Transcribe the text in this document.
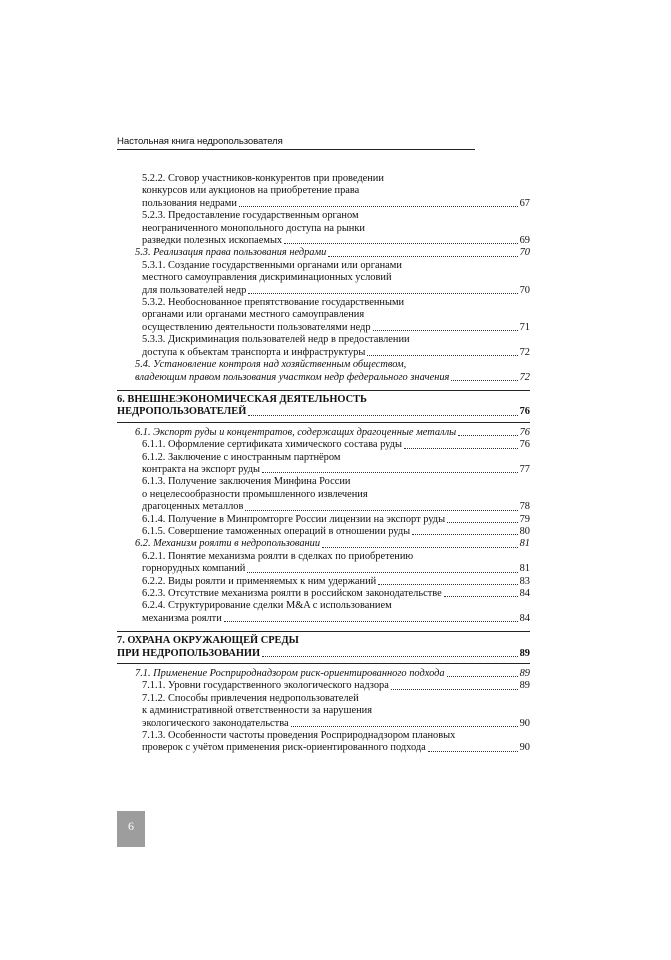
Настольная книга недропользователя
5.2.2. Сговор участников-конкурентов при проведении
конкурсов или аукционов на приобретение права
пользования недрами	67
5.2.3. Предоставление государственным органом
неограниченного монопольного доступа на рынки
разведки полезных ископаемых	69
5.3. Реализация права пользования недрами	70
5.3.1. Создание государственными органами или органами
местного самоуправления дискриминационных условий
для пользователей недр	70
5.3.2. Необоснованное препятствование государственными
органами или органами местного самоуправления
осуществлению деятельности пользователями недр	71
5.3.3. Дискриминация пользователей недр в предоставлении
доступа к объектам транспорта и инфраструктуры	72
5.4. Установление контроля над хозяйственным обществом,
владеющим правом пользования участком недр федерального значения	72
6. ВНЕШНЕЭКОНОМИЧЕСКАЯ ДЕЯТЕЛЬНОСТЬ
НЕДРОПОЛЬЗОВАТЕЛЕЙ	76
6.1. Экспорт руды и концентратов, содержащих драгоценные металлы	76
6.1.1. Оформление сертификата химического состава руды	76
6.1.2. Заключение с иностранным партнёром
контракта на экспорт руды	77
6.1.3. Получение заключения Минфина России
о нецелесообразности промышленного извлечения
драгоценных металлов	78
6.1.4. Получение в Минпромторге России лицензии на экспорт руды	79
6.1.5. Совершение таможенных операций в отношении руды	80
6.2. Механизм роялти в недропользовании	81
6.2.1. Понятие механизма роялти в сделках по приобретению
горнорудных компаний	81
6.2.2. Виды роялти и применяемых к ним удержаний	83
6.2.3. Отсутствие механизма роялти в российском законодательстве	84
6.2.4. Структурирование сделки M&A с использованием
механизма роялти	84
7. ОХРАНА ОКРУЖАЮЩЕЙ СРЕДЫ
ПРИ НЕДРОПОЛЬЗОВАНИИ	89
7.1. Применение Росприроднадзором риск-ориентированного подхода	89
7.1.1. Уровни государственного экологического надзора	89
7.1.2. Способы привлечения недропользователей
к административной ответственности за нарушения
экологического законодательства	90
7.1.3. Особенности частоты проведения Росприроднадзором плановых
проверок с учётом применения риск-ориентированного подхода	90
6
